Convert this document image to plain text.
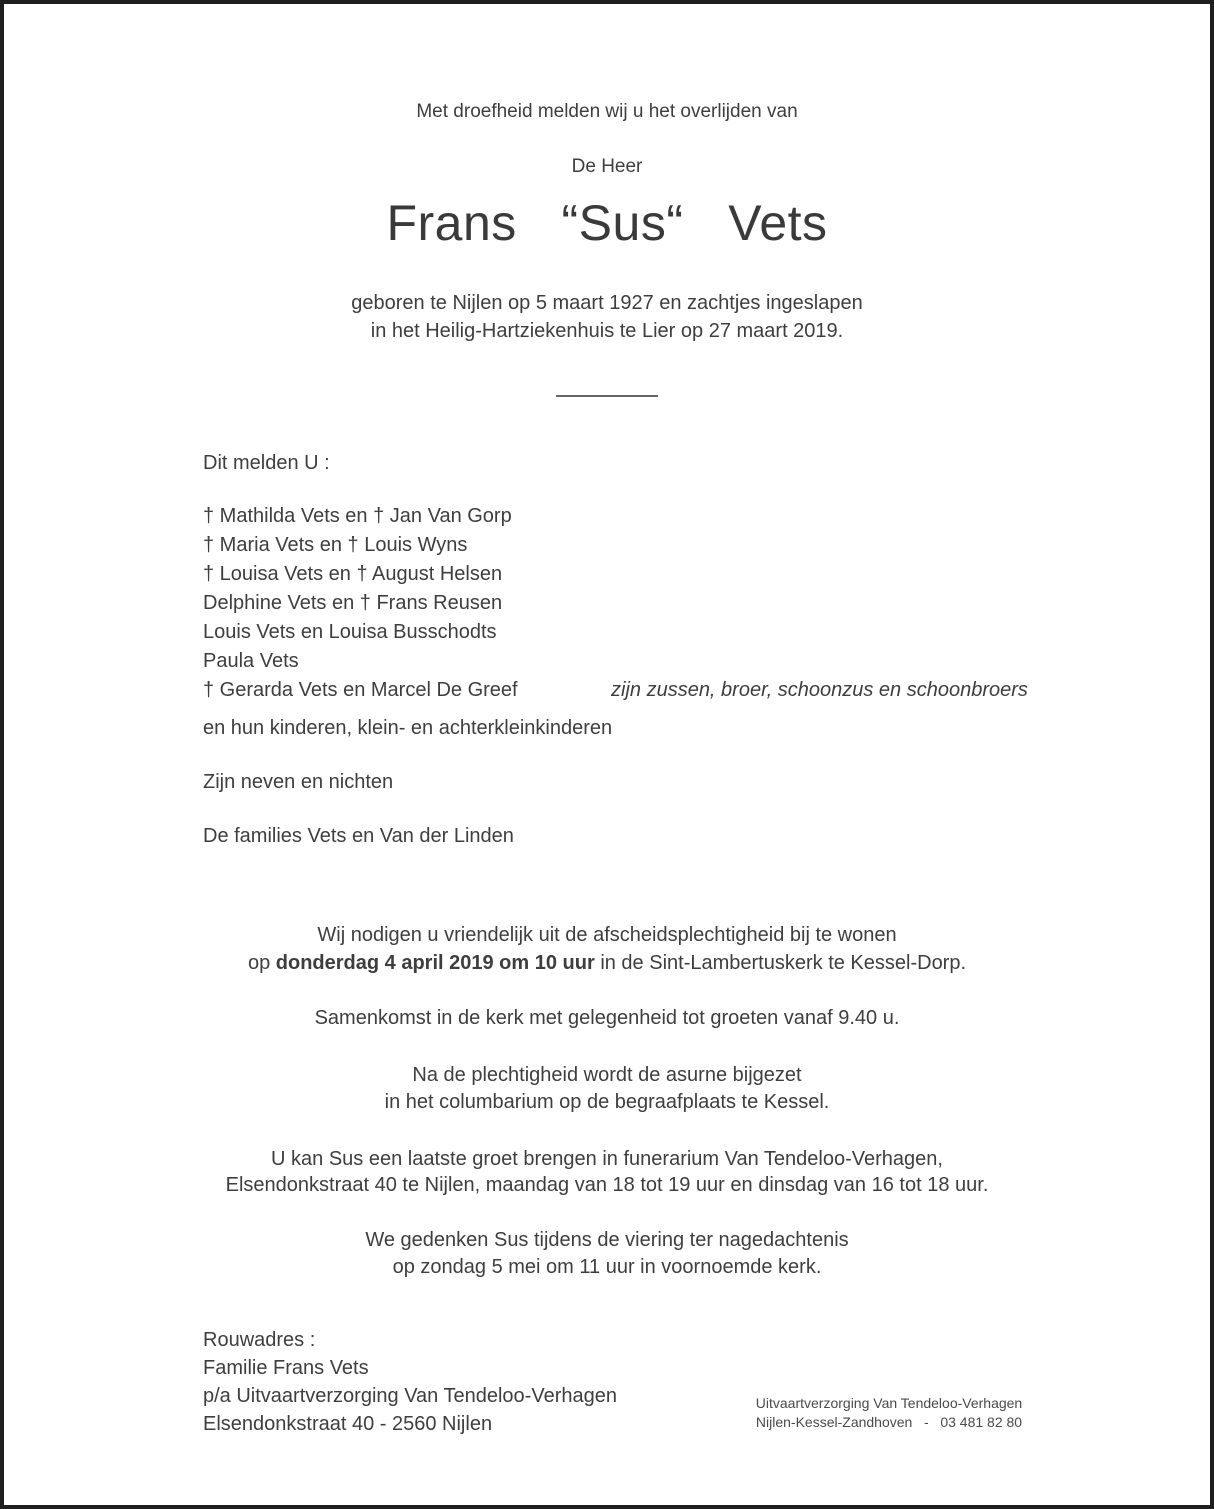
Met droefheid melden wij u het overlijden van
De Heer
Frans  “Sus“  Vets
geboren te Nijlen op 5 maart 1927 en zachtjes ingeslapen
in het Heilig-Hartziekenhuis te Lier op 27 maart 2019.
Dit melden U :
† Mathilda Vets en † Jan Van Gorp
† Maria Vets en † Louis Wyns
† Louisa Vets en † August Helsen
Delphine Vets en † Frans Reusen
Louis Vets en Louisa Busschodts
Paula Vets
† Gerarda Vets en Marcel De Greef	zijn zussen, broer, schoonzus en schoonbroers
en hun kinderen, klein- en achterkleinkinderen
Zijn neven en nichten
De families Vets en Van der Linden
Wij nodigen u vriendelijk uit de afscheidsplechtigheid bij te wonen
op donderdag 4 april 2019 om 10 uur in de Sint-Lambertuskerk te Kessel-Dorp.
Samenkomst in de kerk met gelegenheid tot groeten vanaf 9.40 u.
Na de plechtigheid wordt de asurne bijgezet
in het columbarium op de begraafplaats te Kessel.
U kan Sus een laatste groet brengen in funerarium Van Tendeloo-Verhagen,
Elsendonkstraat 40 te Nijlen, maandag van 18 tot 19 uur en dinsdag van 16 tot 18 uur.
We gedenken Sus tijdens de viering ter nagedachtenis
op zondag 5 mei om 11 uur in voornoemde kerk.
Rouwadres :
Familie Frans Vets
p/a Uitvaartverzorging Van Tendeloo-Verhagen
Elsendonkstraat 40 - 2560 Nijlen
Uitvaartverzorging Van Tendeloo-Verhagen
Nijlen-Kessel-Zandhoven   -   03 481 82 80
